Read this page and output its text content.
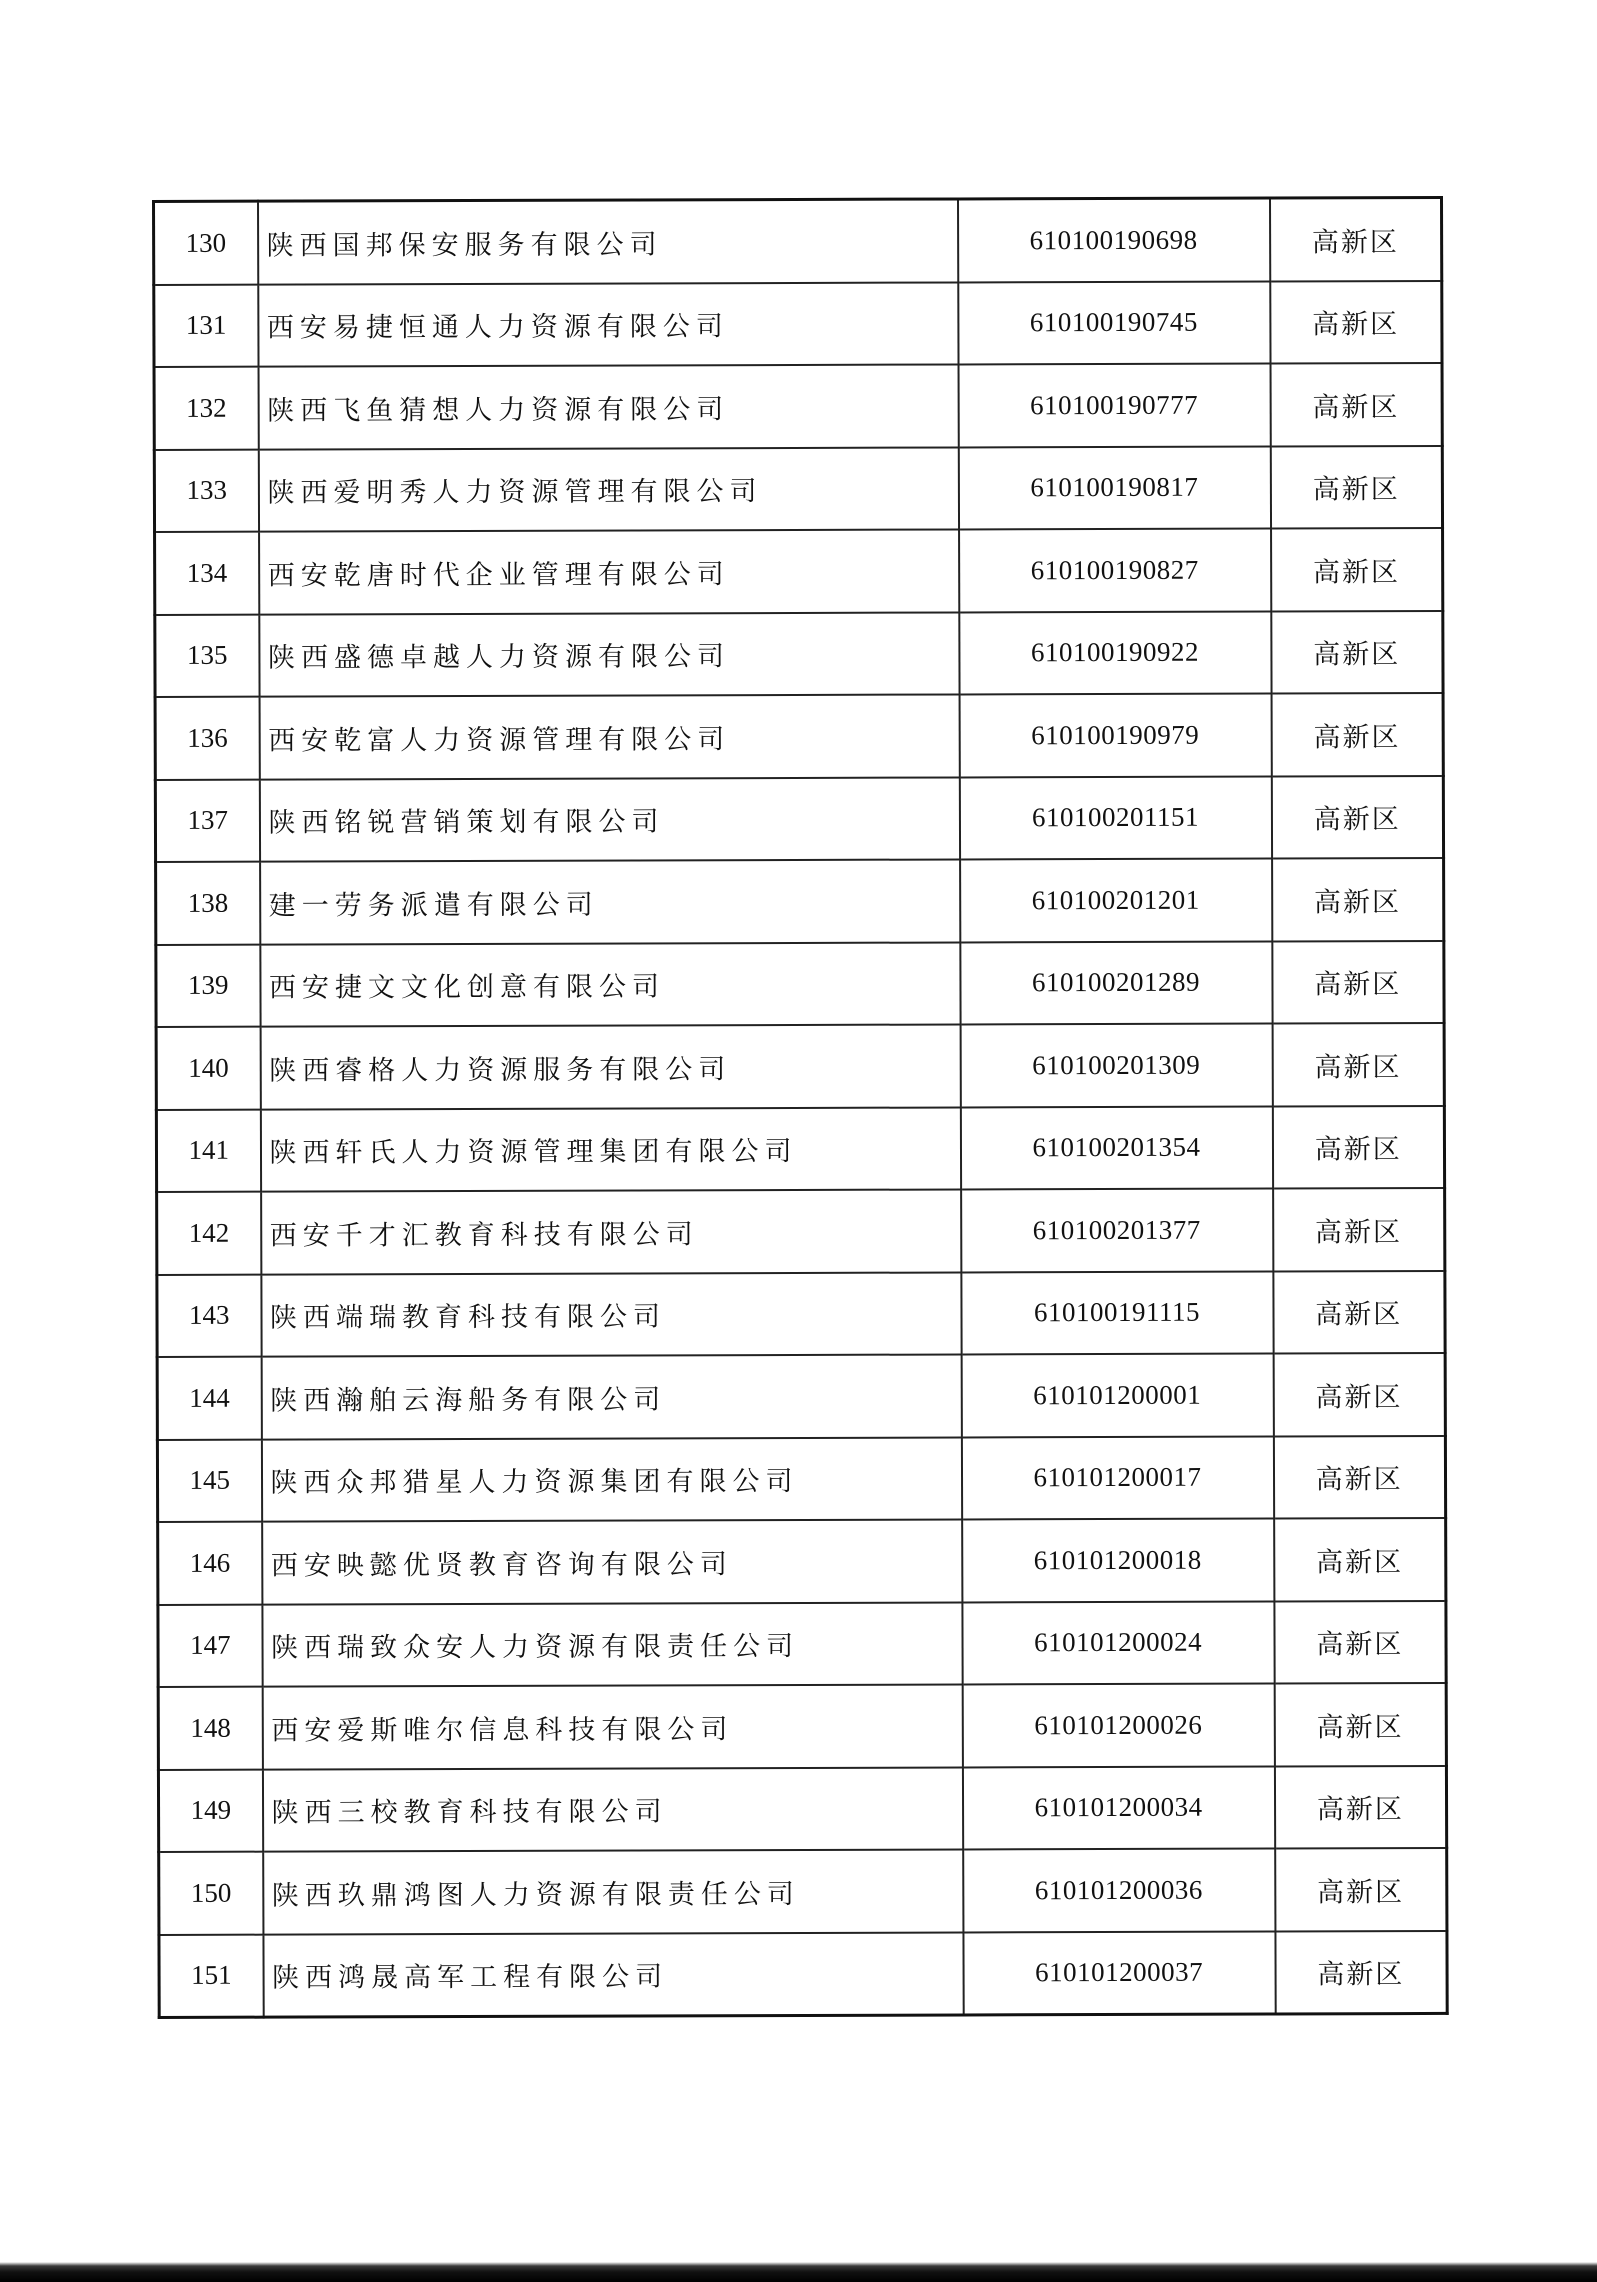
130	陕西国邦保安服务有限公司	610100190698	高新区
131	西安易捷恒通人力资源有限公司	610100190745	高新区
132	陕西飞鱼猜想人力资源有限公司	610100190777	高新区
133	陕西爱明秀人力资源管理有限公司	610100190817	高新区
134	西安乾唐时代企业管理有限公司	610100190827	高新区
135	陕西盛德卓越人力资源有限公司	610100190922	高新区
136	西安乾富人力资源管理有限公司	610100190979	高新区
137	陕西铭锐营销策划有限公司	610100201151	高新区
138	建一劳务派遣有限公司	610100201201	高新区
139	西安捷文文化创意有限公司	610100201289	高新区
140	陕西睿格人力资源服务有限公司	610100201309	高新区
141	陕西轩氏人力资源管理集团有限公司	610100201354	高新区
142	西安千才汇教育科技有限公司	610100201377	高新区
143	陕西端瑞教育科技有限公司	610100191115	高新区
144	陕西瀚舶云海船务有限公司	610101200001	高新区
145	陕西众邦猎星人力资源集团有限公司	610101200017	高新区
146	西安映懿优贤教育咨询有限公司	610101200018	高新区
147	陕西瑞致众安人力资源有限责任公司	610101200024	高新区
148	西安爱斯唯尔信息科技有限公司	610101200026	高新区
149	陕西三校教育科技有限公司	610101200034	高新区
150	陕西玖鼎鸿图人力资源有限责任公司	610101200036	高新区
151	陕西鸿晟高军工程有限公司	610101200037	高新区
